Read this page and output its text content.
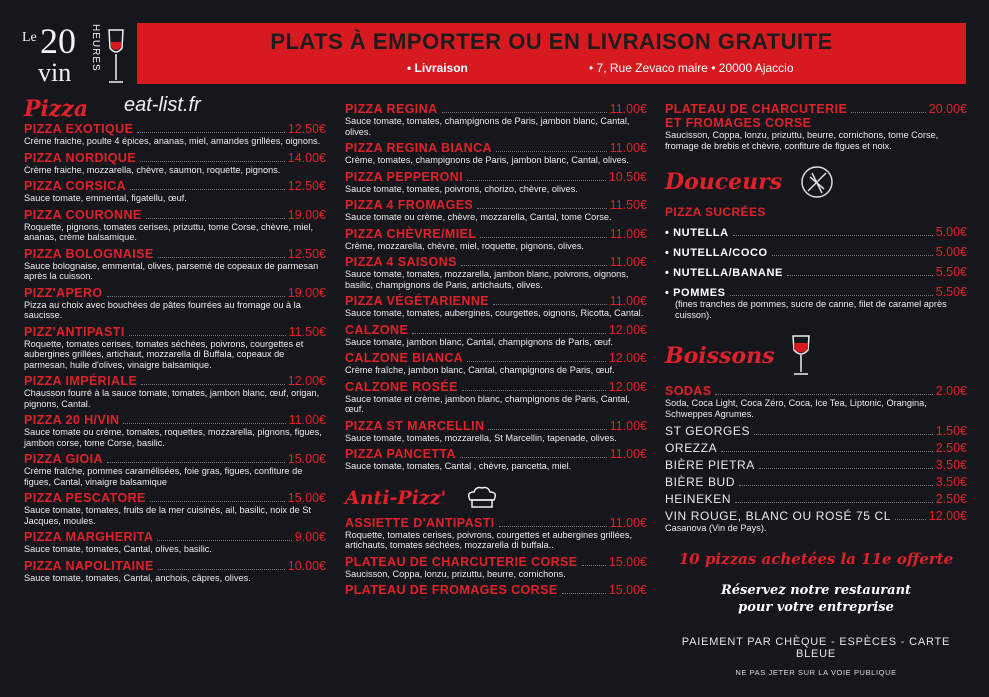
Le 20
vin
HEURES	PLATS À EMPORTER OU EN LIVRAISON GRATUITE
• Livraison	• 7, Rue Zevaco maire • 20000 Ajaccio
Pizza	eat-list.fr
PIZZA EXOTIQUE	12.50€
Crème fraiche, poulte 4 épices, ananas, miel, amandes grillées, oignons.
PIZZA NORDIQUE	14.00€
Crème fraiche, mozzarella, chèvre, saumon, roquette, pignons.
PIZZA CORSICA	12.50€
Sauce tomate, emmental, figatellu, œuf.
PIZZA COURONNE	19.00€
Roquette, pignons, tomates cerises, prizuttu, tome Corse, chèvre, miel, ananas, crème balsamique.
PIZZA BOLOGNAISE	12.50€
Sauce bolognaise, emmental, olives, parsemé de copeaux de parmesan après la cuisson.
PIZZ'APERO	19.00€
Pizza au choix avec bouchées de pâtes fourrées au fromage ou à la saucisse.
PIZZ'ANTIPASTI	11.50€
Roquette, tomates cerises, tomates séchées, poivrons, courgettes et aubergines grillées, artichaut, mozzarella di Buffala, copeaux de parmesan, huile d'olives, vinaigre balsamique.
PIZZA IMPÉRIALE	12.00€
Chausson fourré à la sauce tomate, tomates, jambon blanc, œuf, origan, pignons, Cantal.
PIZZA 20 H/VIN	11.00€
Sauce tomate ou crème, tomates, roquettes, mozzarella, pignons, figues, jambon corse, tome Corse, basilic.
PIZZA GIOIA	15.00€
Crème fraîche, pommes caramélisées, foie gras, figues, confiture de figues, Cantal, vinaigre balsamique
PIZZA PESCATORE	15.00€
Sauce tomate, tomates, fruits de la mer cuisinés, ail, basilic, noix de St Jacques, moules.
PIZZA MARGHERITA	9.00€
Sauce tomate, tomates, Cantal, olives, basilic.
PIZZA NAPOLITAINE	10.00€
Sauce tomate, tomates, Cantal, anchois, câpres, olives.
PIZZA REGINA	11.00€
Sauce tomate, tomates, champignons de Paris, jambon blanc, Cantal, olives.
PIZZA REGINA BIANCA	11.00€
Crème, tomates, champignons de Paris, jambon blanc, Cantal, olives.
PIZZA PEPPERONI	10.50€
Sauce tomate, tomates, poivrons, chorizo, chèvre, olives.
PIZZA 4 FROMAGES	11.50€
Sauce tomate ou crème, chèvre, mozzarella, Cantal, tome Corse.
PIZZA CHÈVRE/MIEL	11.00€
Crème, mozzarella, chèvre, miel, roquette, pignons, olives.
PIZZA 4 SAISONS	11.00€
Sauce tomate, tomates, mozzarella, jambon blanc, poivrons, oignons, basilic, champignons de Paris, artichauts, olives.
PIZZA VÉGÉTARIENNE	11.00€
Sauce tomate, tomates, aubergines, courgettes, oignons, Ricotta, Cantal.
CALZONE	12.00€
Sauce tomate, jambon blanc, Cantal, champignons de Paris, œuf.
CALZONE BIANCA	12.00€
Crème fraîche, jambon blanc, Cantal, champignons de Paris, œuf.
CALZONE ROSÉE	12.00€
Sauce tomate et crème, jambon blanc, champignons de Paris, Cantal, œuf.
PIZZA ST MARCELLIN	11.00€
Sauce tomate, tomates, mozzarella, St Marcellin, tapenade, olives.
PIZZA PANCETTA	11.00€
Sauce tomate, tomates, Cantal , chèvre, pancetta, miel.
Anti-Pizz'
ASSIETTE D'ANTIPASTI	11.00€
Roquette, tomates cerises, poivrons, courgettes et aubergines grillées, artichauts, tomates séchées, mozzarella di buffala..
PLATEAU DE CHARCUTERIE CORSE	15.00€
Saucisson, Coppa, lonzu, prizuttu, beurre, cornichons.
PLATEAU DE FROMAGES CORSE	15.00€
PLATEAU DE CHARCUTERIE	20.00€
ET FROMAGES CORSE
Saucisson, Coppa, lonzu, prizuttu, beurre, cornichons, tome Corse, fromage de brebis et chèvre, confiture de figues et noix.
Douceurs
PIZZA SUCRÉES
• NUTELLA	5.00€
• NUTELLA/COCO	5.00€
• NUTELLA/BANANE	5.50€
• POMMES	5.50€
(fines tranches de pommes, sucre de canne, filet de caramel après cuisson).
Boissons
SODAS	2.00€
Soda, Coca Light, Coca Zéro, Coca, Ice Tea, Liptonic, Orangina, Schweppes Agrumes.
ST GEORGES	1.50€
OREZZA	2.50€
BIÈRE PIETRA	3.50€
BIÈRE BUD	3.50€
HEINEKEN	2.50€
VIN ROUGE, BLANC OU ROSÉ 75 CL	12.00€
Casanova (Vin de Pays).
10 pizzas achetées la 11e offerte
Réservez notre restaurant
pour votre entreprise
PAIEMENT PAR CHÈQUE - ESPÈCES - CARTE BLEUE
NE PAS JETER SUR LA VOIE PUBLIQUE
